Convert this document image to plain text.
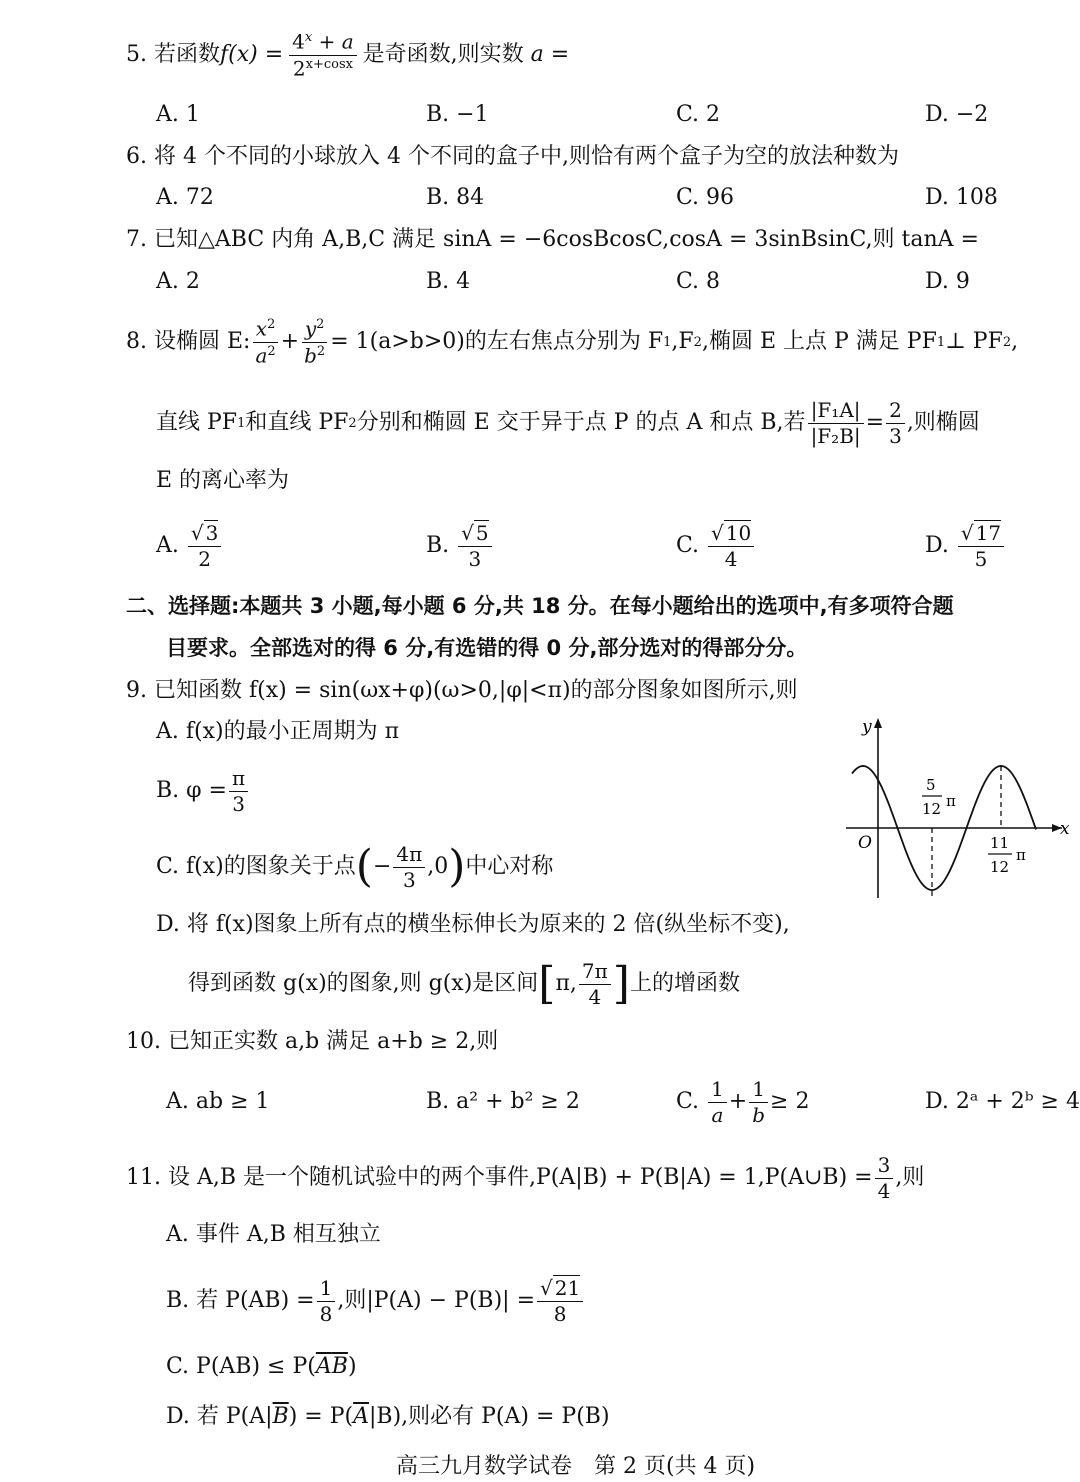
5.
若函数 $f(x) = \frac{4^x + a}{2^{x+cosx}}$ 是奇函数,则实数
a =
A. 1	B. −1	C. 2	D. −2
6. 将 4 个不同的小球放入 4 个不同的盒子中,则恰有两个盒子为空的放法种数为
A. 72	B. 84	C. 96	D. 108
7. 已知△ABC 内角 A,B,C 满足 sinA = −6cosBcosC,cosA = 3sinBsinC,则 tanA =
A. 2	B. 4	C. 8	D. 9
8. 设椭圆 E: $\frac{x^2}{a^2} + \frac{y^2}{b^2} = 1(a>b>0)$的左右焦点分别为 F 1 ,F 2 ,椭圆 E 上点 P 满足 PF 1 ⊥ PF 2 ,
直线 PF 1 和直线 PF 2 分别和椭圆 E 交于异于点 P 的点 A 和点 B,若 $\frac{\text{|F₁A|}}{\text{|F₂B|}} = \frac{2}{3}$ ,则椭圆
E 的离心率为
A.
$\frac{√ 3}{2}$	B.
$\frac{√ 5}{3}$	C.
$\frac{√ 10}{4}$	D.
$\frac{√ 17}{5}$
二、选择题:本题共 3 小题,每小题 6 分,共 18 分。在每小题给出的选项中,有多项符合题
目要求。全部选对的得 6 分,有选错的得 0 分,部分选对的得部分分。
9. 已知函数 f(x) = sin(ωx+φ)(ω>0,|φ|<π)的部分图象如图所示,则
A. f(x)的最小正周期为 π
B. $\varphi = \frac{\pi}{3}$
C. f(x)的图象关于点 ( − $\frac{4\pi}{3} ,0$ ) 中心对称
D. 将 f(x)图象上所有点的横坐标伸长为原来的 2 倍(纵坐标不变),
得到函数 g(x)的图象,则 g(x)是区间 [ π, $\frac{7\pi}{4}$ ] 上的增函数
y
x
O
5
12 π
11
12
π
10. 已知正实数 a,b 满足 a+b ≥ 2,则
A. ab ≥ 1	B. a² + b² ≥ 2	C.
$\frac{1}{a} + \frac{1}{b} \ge 2$	D. 2ᵃ + 2ᵇ ≥ 4
11. 设 A,B 是一个随机试验中的两个事件,P(A|B) + P(B|A) = 1,P(A∪B) = $\frac{3}{4}$ ,则
A. 事件 A,B 相互独立
B. 若 $P(AB) = \frac{1}{8}$ ,则$|P(A) - P(B)| = \frac{√ 21}{8}$
C. $P(AB) \le P(\overline{A}\overline{B})$
D. 若 $P(A|\overline{B}) = P(\overline{A}|B)$,则必有 P(A) = P(B)
高三九月数学试卷　第 2 页(共 4 页)
